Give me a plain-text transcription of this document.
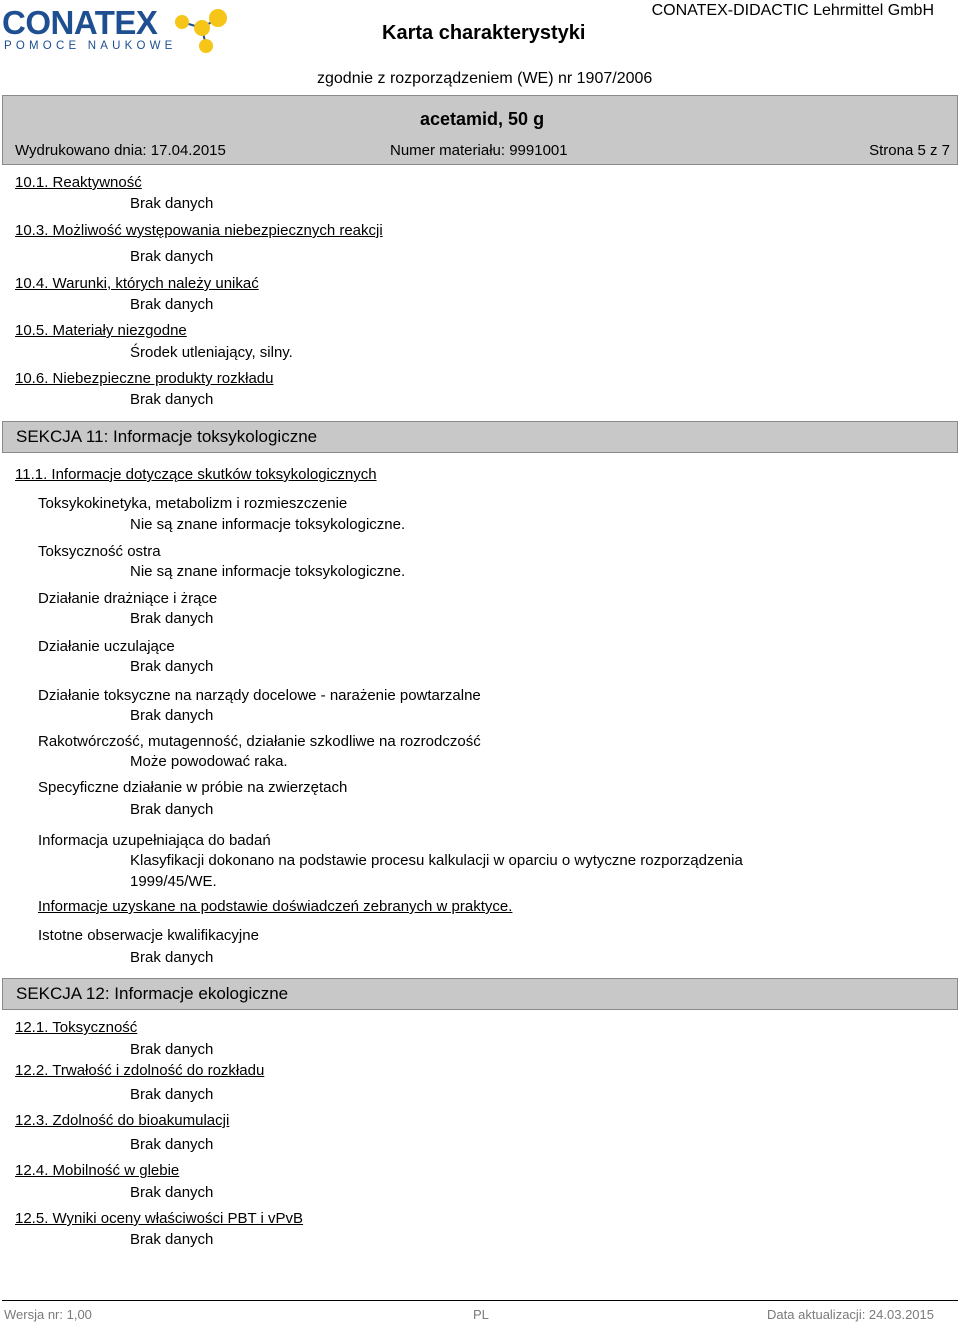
CONATEX
POMOCE NAUKOWE
Karta charakterystyki
CONATEX-DIDACTIC Lehrmittel GmbH
zgodnie z rozporządzeniem (WE) nr 1907/2006
acetamid, 50 g
Wydrukowano dnia: 17.04.2015	Numer materiału: 9991001	Strona 5 z 7
10.1. Reaktywność
Brak danych
10.3. Możliwość występowania niebezpiecznych reakcji
Brak danych
10.4. Warunki, których należy unikać
Brak danych
10.5. Materiały niezgodne
Środek utleniający, silny.
10.6. Niebezpieczne produkty rozkładu
Brak danych
SEKCJA 11: Informacje toksykologiczne
11.1. Informacje dotyczące skutków toksykologicznych
Toksykokinetyka, metabolizm i rozmieszczenie
Nie są znane informacje toksykologiczne.
Toksyczność ostra
Nie są znane informacje toksykologiczne.
Działanie drażniące i żrące
Brak danych
Działanie uczulające
Brak danych
Działanie toksyczne na narządy docelowe - narażenie powtarzalne
Brak danych
Rakotwórczość, mutagenność, działanie szkodliwe na rozrodczość
Może powodować raka.
Specyficzne działanie w próbie na zwierzętach
Brak danych
Informacja uzupełniająca do badań
Klasyfikacji dokonano na podstawie procesu kalkulacji w oparciu o wytyczne rozporządzenia
1999/45/WE.
Informacje uzyskane na podstawie doświadczeń zebranych w praktyce.
Istotne obserwacje kwalifikacyjne
Brak danych
SEKCJA 12: Informacje ekologiczne
12.1. Toksyczność
Brak danych
12.2. Trwałość i zdolność do rozkładu
Brak danych
12.3. Zdolność do bioakumulacji
Brak danych
12.4. Mobilność w glebie
Brak danych
12.5. Wyniki oceny właściwości PBT i vPvB
Brak danych
Wersja nr: 1,00	PL	Data aktualizacji: 24.03.2015
